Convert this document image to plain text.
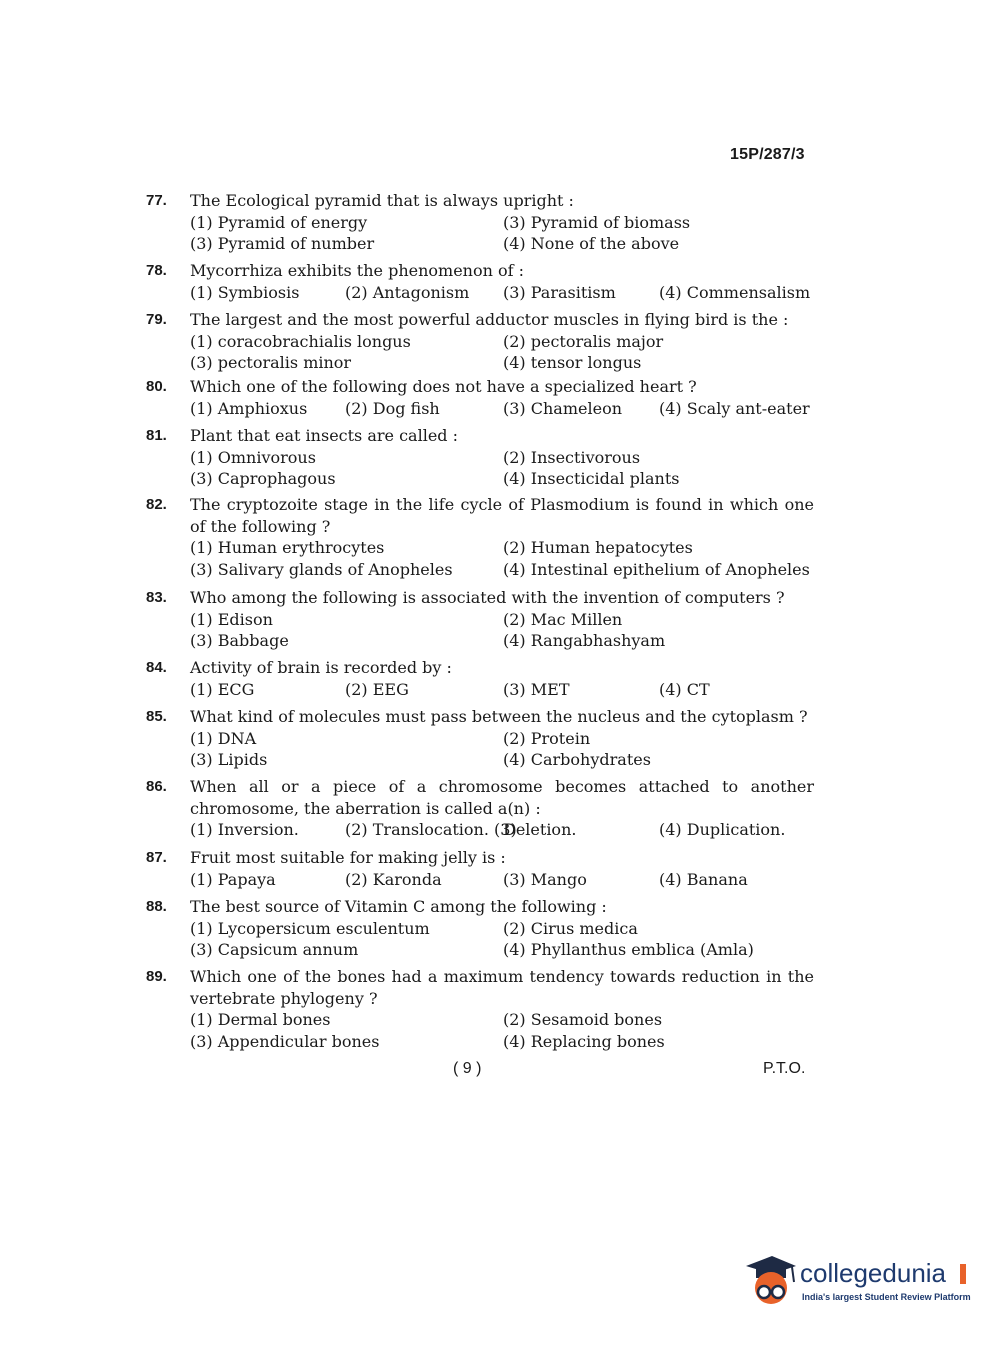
15P/287/3
77. The Ecological pyramid that is always upright :
(1) Pyramid of energy	(3) Pyramid of biomass
(3) Pyramid of number	(4) None of the above
78. Mycorrhiza exhibits the phenomenon of :
(1) Symbiosis	(2) Antagonism	(3) Parasitism	(4) Commensalism
79. The largest and the most powerful adductor muscles in flying bird is the :
(1) coracobrachialis longus	(2) pectoralis major
(3) pectoralis minor	(4) tensor longus
80. Which one of the following does not have a specialized heart ?
(1) Amphioxus	(2) Dog fish	(3) Chameleon	(4) Scaly ant-eater
81. Plant that eat insects are called :
(1) Omnivorous	(2) Insectivorous
(3) Caprophagous	(4) Insecticidal plants
82. The cryptozoite stage in the life cycle of Plasmodium is found in which one of the following ?
(1) Human erythrocytes	(2) Human hepatocytes
(3) Salivary glands of Anopheles	(4) Intestinal epithelium of Anopheles
83. Who among the following is associated with the invention of computers ?
(1) Edison	(2) Mac Millen
(3) Babbage	(4) Rangabhashyam
84. Activity of brain is recorded by :
(1) ECG	(2) EEG	(3) MET	(4) CT
85. What kind of molecules must pass between the nucleus and the cytoplasm ?
(1) DNA	(2) Protein
(3) Lipids	(4) Carbohydrates
86. When all or a piece of a chromosome becomes attached to another chromosome, the aberration is called a(n) :
(1) Inversion.	(2) Translocation. (3)
Deletion.	(4) Duplication.
87. Fruit most suitable for making jelly is :
(1) Papaya	(2) Karonda	(3) Mango	(4) Banana
88. The best source of Vitamin C among the following :
(1) Lycopersicum esculentum	(2) Cirus medica
(3) Capsicum annum	(4) Phyllanthus emblica (Amla)
89. Which one of the bones had a maximum tendency towards reduction in the vertebrate phylogeny ?
(1) Dermal bones	(2) Sesamoid bones
(3) Appendicular bones	(4) Replacing bones
( 9 )	P.T.O.
collegedunia
India's largest Student Review Platform
